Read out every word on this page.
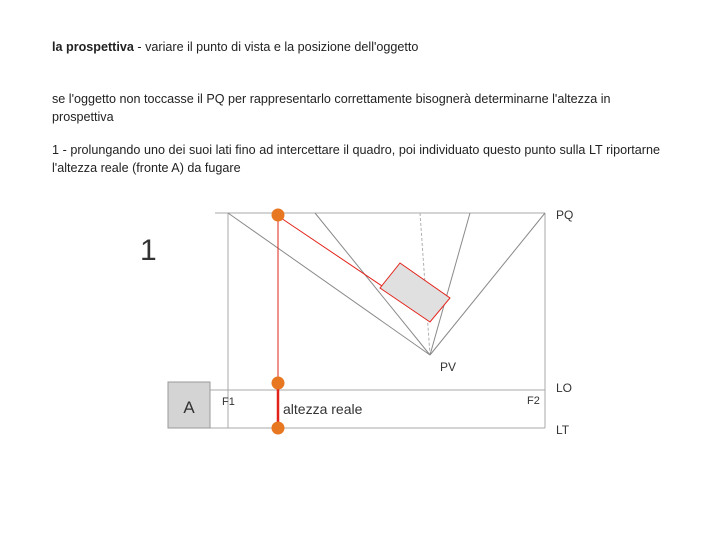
la prospettiva - variare il punto di vista e la posizione dell'oggetto
se l'oggetto non toccasse il PQ per rappresentarlo correttamente bisognerà determinarne l'altezza in prospettiva
1 - prolungando uno dei suoi lati fino ad intercettare il quadro, poi individuato questo punto sulla LT riportarne l'altezza reale (fronte A) da fugare
1
A
PQ
PV
LO
LT
F1	F2
altezza reale
